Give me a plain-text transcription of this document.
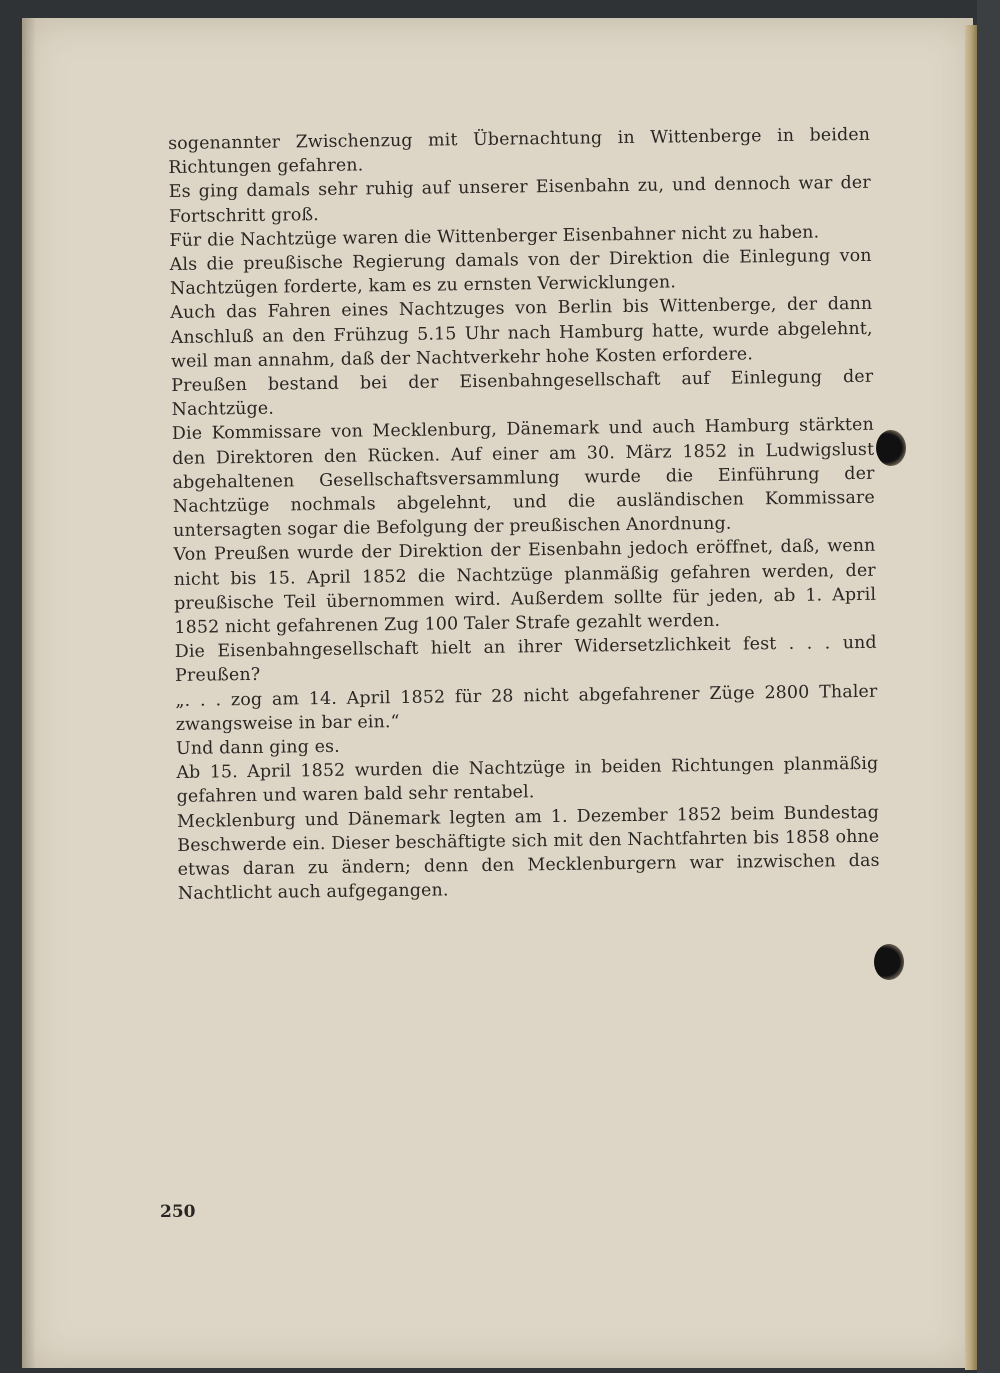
sogenannter Zwischenzug mit Übernachtung in Wittenberge in beiden Richtungen gefahren.

Es ging damals sehr ruhig auf unserer Eisenbahn zu, und dennoch war der Fortschritt groß.

Für die Nachtzüge waren die Wittenberger Eisenbahner nicht zu haben.

Als die preußische Regierung damals von der Direktion die Einlegung von Nachtzügen forderte, kam es zu ernsten Verwicklungen.

Auch das Fahren eines Nachtzuges von Berlin bis Wittenberge, der dann Anschluß an den Frühzug 5.15 Uhr nach Hamburg hatte, wurde abgelehnt, weil man annahm, daß der Nachtverkehr hohe Kosten erfordere.

Preußen bestand bei der Eisenbahngesellschaft auf Einlegung der Nachtzüge.

Die Kommissare von Mecklenburg, Dänemark und auch Hamburg stärkten den Direktoren den Rücken. Auf einer am 30. März 1852 in Ludwigslust abgehaltenen Gesellschaftsversammlung wurde die Einführung der Nachtzüge nochmals abgelehnt, und die ausländischen Kommissare untersagten sogar die Befolgung der preußischen Anordnung.

Von Preußen wurde der Direktion der Eisenbahn jedoch eröffnet, daß, wenn nicht bis 15. April 1852 die Nachtzüge planmäßig gefahren werden, der preußische Teil übernommen wird. Außerdem sollte für jeden, ab 1. April 1852 nicht gefahrenen Zug 100 Taler Strafe gezahlt werden.

Die Eisenbahngesellschaft hielt an ihrer Widersetzlichkeit fest . . . und Preußen?

„. . . zog am 14. April 1852 für 28 nicht abgefahrener Züge 2800 Thaler zwangsweise in bar ein.“

Und dann ging es.

Ab 15. April 1852 wurden die Nachtzüge in beiden Richtungen planmäßig gefahren und waren bald sehr rentabel.

Mecklenburg und Dänemark legten am 1. Dezember 1852 beim Bundestag Beschwerde ein. Dieser beschäftigte sich mit den Nachtfahrten bis 1858 ohne etwas daran zu ändern; denn den Mecklenburgern war inzwischen das Nachtlicht auch aufgegangen.

250
